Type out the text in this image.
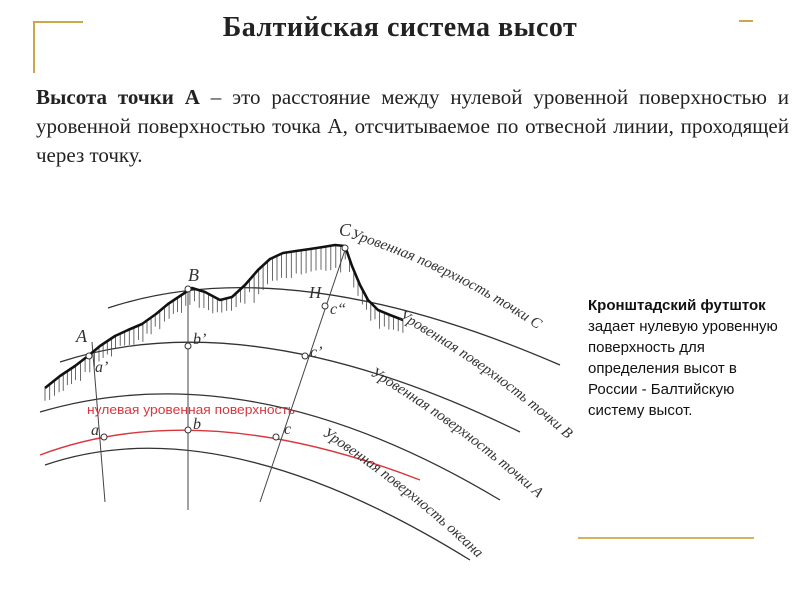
Балтийская система высот
Высота точки А – это расстояние между нулевой уровенной поверхностью и уровенной поверхностью точка А, отсчитываемое по отвесной линии, проходящей через точку.
A
B
C
a’
b’
c’
c“
H
a	b	c
нулевая уровенная поверхность
Уровенная поверхность точки С
Уровенная поверхность точки В
Уровенная поверхность точки А
Уровенная поверхность океана
Кронштадский футшток задает нулевую уровенную поверхность для определения высот в России - Балтийскую систему высот.
